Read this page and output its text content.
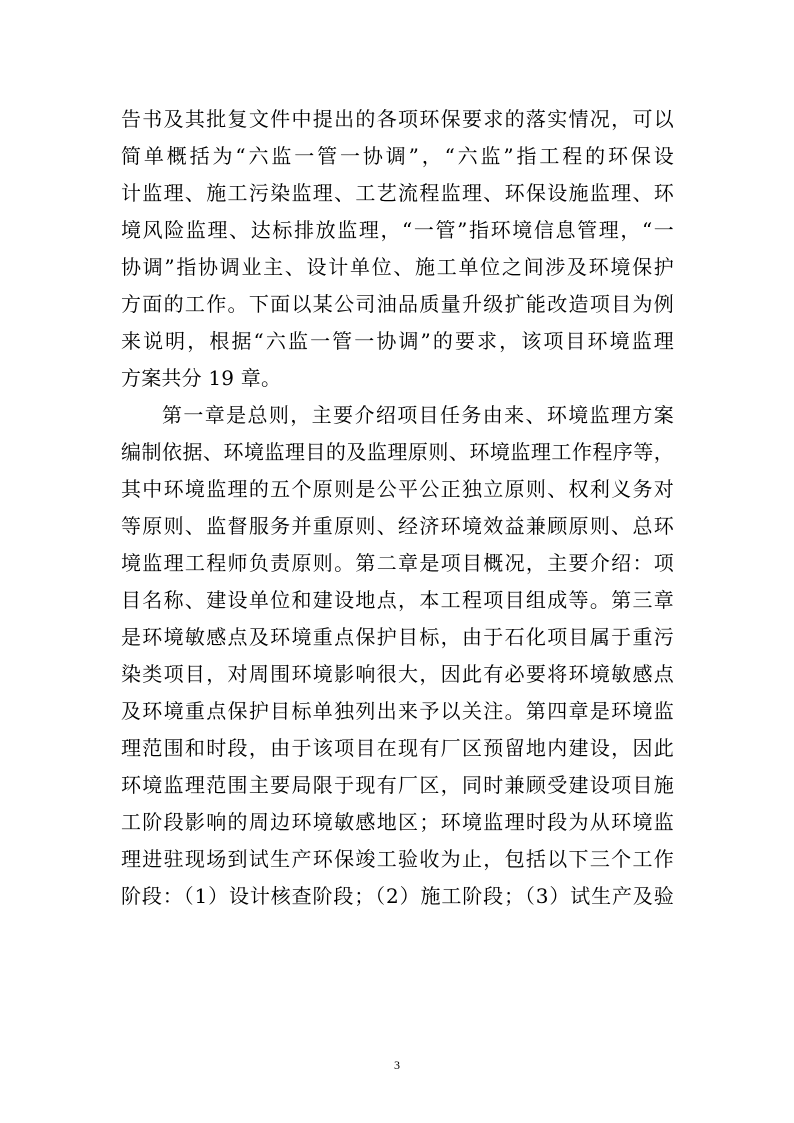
告书及其批复文件中提出的各项环保要求的落实情况，可以
简单概括为“六监一管一协调”，“六监”指工程的环保设
计监理、施工污染监理、工艺流程监理、环保设施监理、环
境风险监理、达标排放监理，“一管”指环境信息管理，“一
协调”指协调业主、设计单位、施工单位之间涉及环境保护
方面的工作。下面以某公司油品质量升级扩能改造项目为例
来说明，根据“六监一管一协调”的要求，该项目环境监理
方案共分 19 章。
第一章是总则，主要介绍项目任务由来、环境监理方案
编制依据、环境监理目的及监理原则、环境监理工作程序等，
其中环境监理的五个原则是公平公正独立原则、权利义务对
等原则、监督服务并重原则、经济环境效益兼顾原则、总环
境监理工程师负责原则。第二章是项目概况，主要介绍：项
目名称、建设单位和建设地点，本工程项目组成等。第三章
是环境敏感点及环境重点保护目标，由于石化项目属于重污
染类项目，对周围环境影响很大，因此有必要将环境敏感点
及环境重点保护目标单独列出来予以关注。第四章是环境监
理范围和时段，由于该项目在现有厂区预留地内建设，因此
环境监理范围主要局限于现有厂区，同时兼顾受建设项目施
工阶段影响的周边环境敏感地区；环境监理时段为从环境监
理进驻现场到试生产环保竣工验收为止，包括以下三个工作
阶段：（1）设计核查阶段；（2）施工阶段；（3）试生产及验
3
